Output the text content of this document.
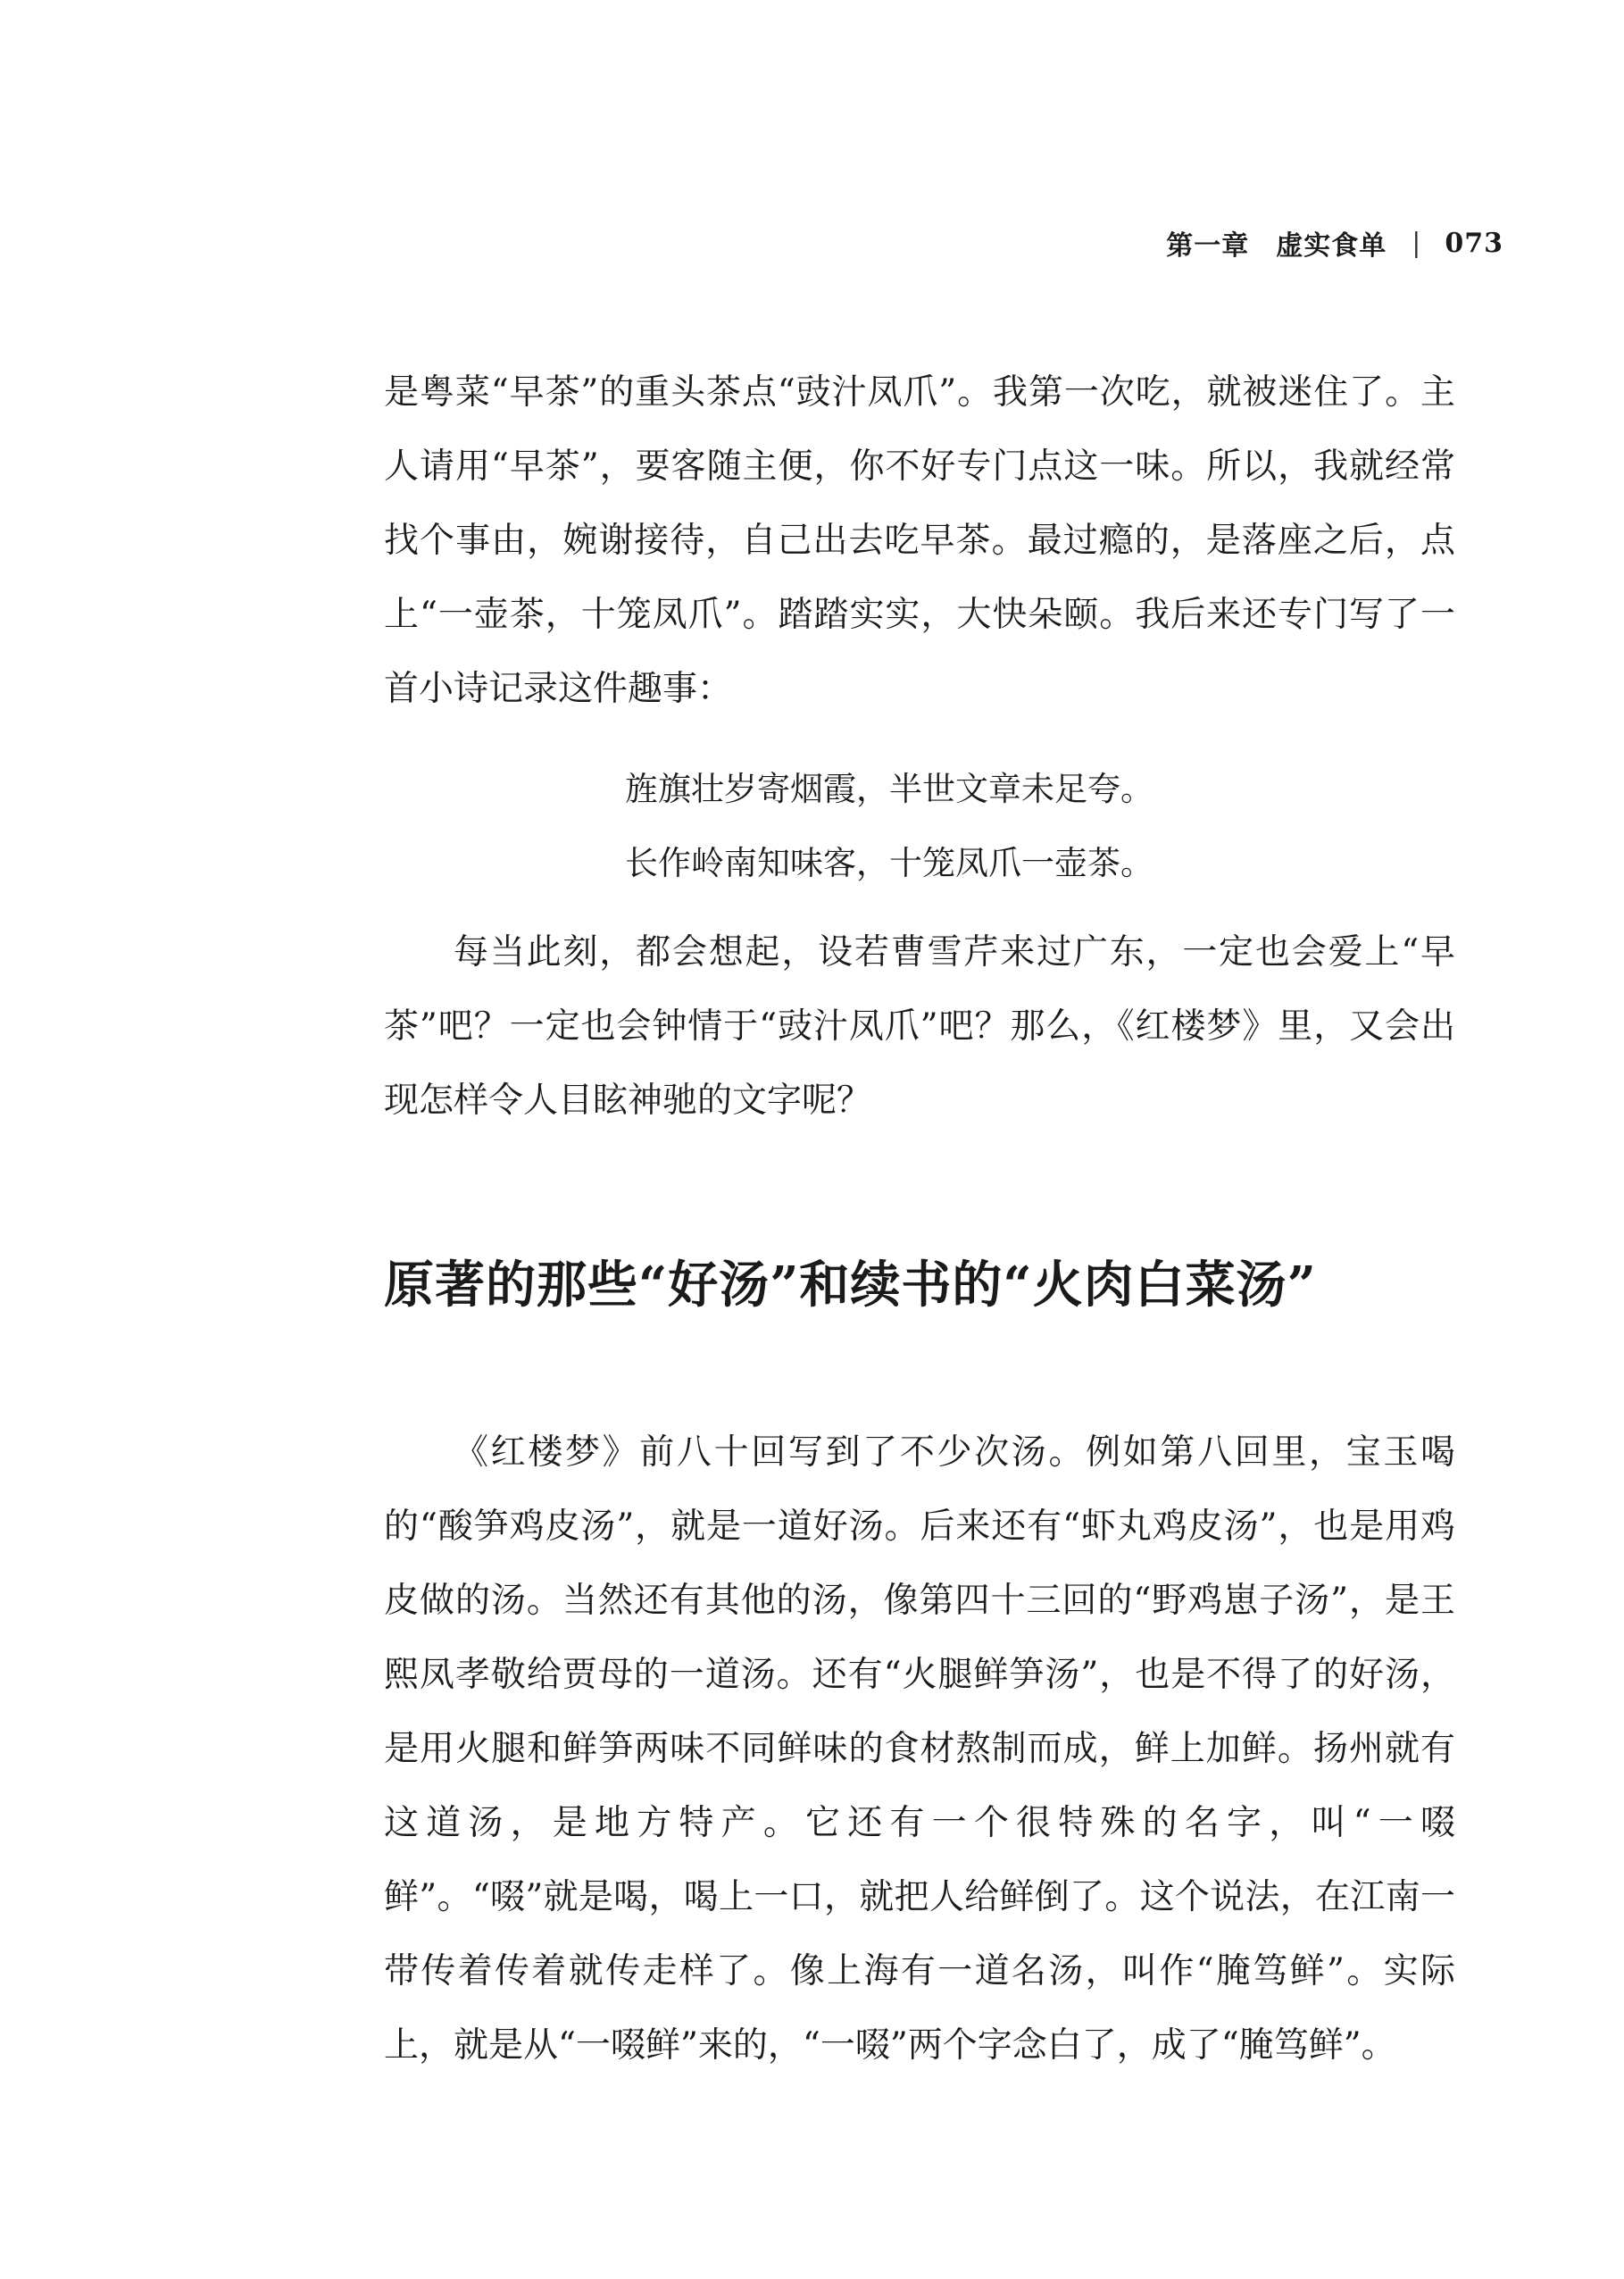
第一章 虚实食单 | 073

是粤菜“早茶”的重头茶点“豉汁凤爪”。我第一次吃，就被迷住了。主人请用“早茶”，要客随主便，你不好专门点这一味。所以，我就经常找个事由，婉谢接待，自己出去吃早茶。最过瘾的，是落座之后，点上“一壶茶，十笼凤爪”。踏踏实实，大快朵颐。我后来还专门写了一首小诗记录这件趣事：

旌旗壮岁寄烟霞，半世文章未足夸。
长作岭南知味客，十笼凤爪一壶茶。

每当此刻，都会想起，设若曹雪芹来过广东，一定也会爱上“早茶”吧？一定也会钟情于“豉汁凤爪”吧？那么，《红楼梦》里，又会出现怎样令人目眩神驰的文字呢？

原著的那些“好汤”和续书的“火肉白菜汤”

《红楼梦》前八十回写到了不少次汤。例如第八回里，宝玉喝的“酸笋鸡皮汤”，就是一道好汤。后来还有“虾丸鸡皮汤”，也是用鸡皮做的汤。当然还有其他的汤，像第四十三回的“野鸡崽子汤”，是王熙凤孝敬给贾母的一道汤。还有“火腿鲜笋汤”，也是不得了的好汤，是用火腿和鲜笋两味不同鲜味的食材熬制而成，鲜上加鲜。扬州就有这道汤，是地方特产。它还有一个很特殊的名字，叫“一啜鲜”。“啜”就是喝，喝上一口，就把人给鲜倒了。这个说法，在江南一带传着传着就传走样了。像上海有一道名汤，叫作“腌笃鲜”。实际上，就是从“一啜鲜”来的，“一啜”两个字念白了，成了“腌笃鲜”。
